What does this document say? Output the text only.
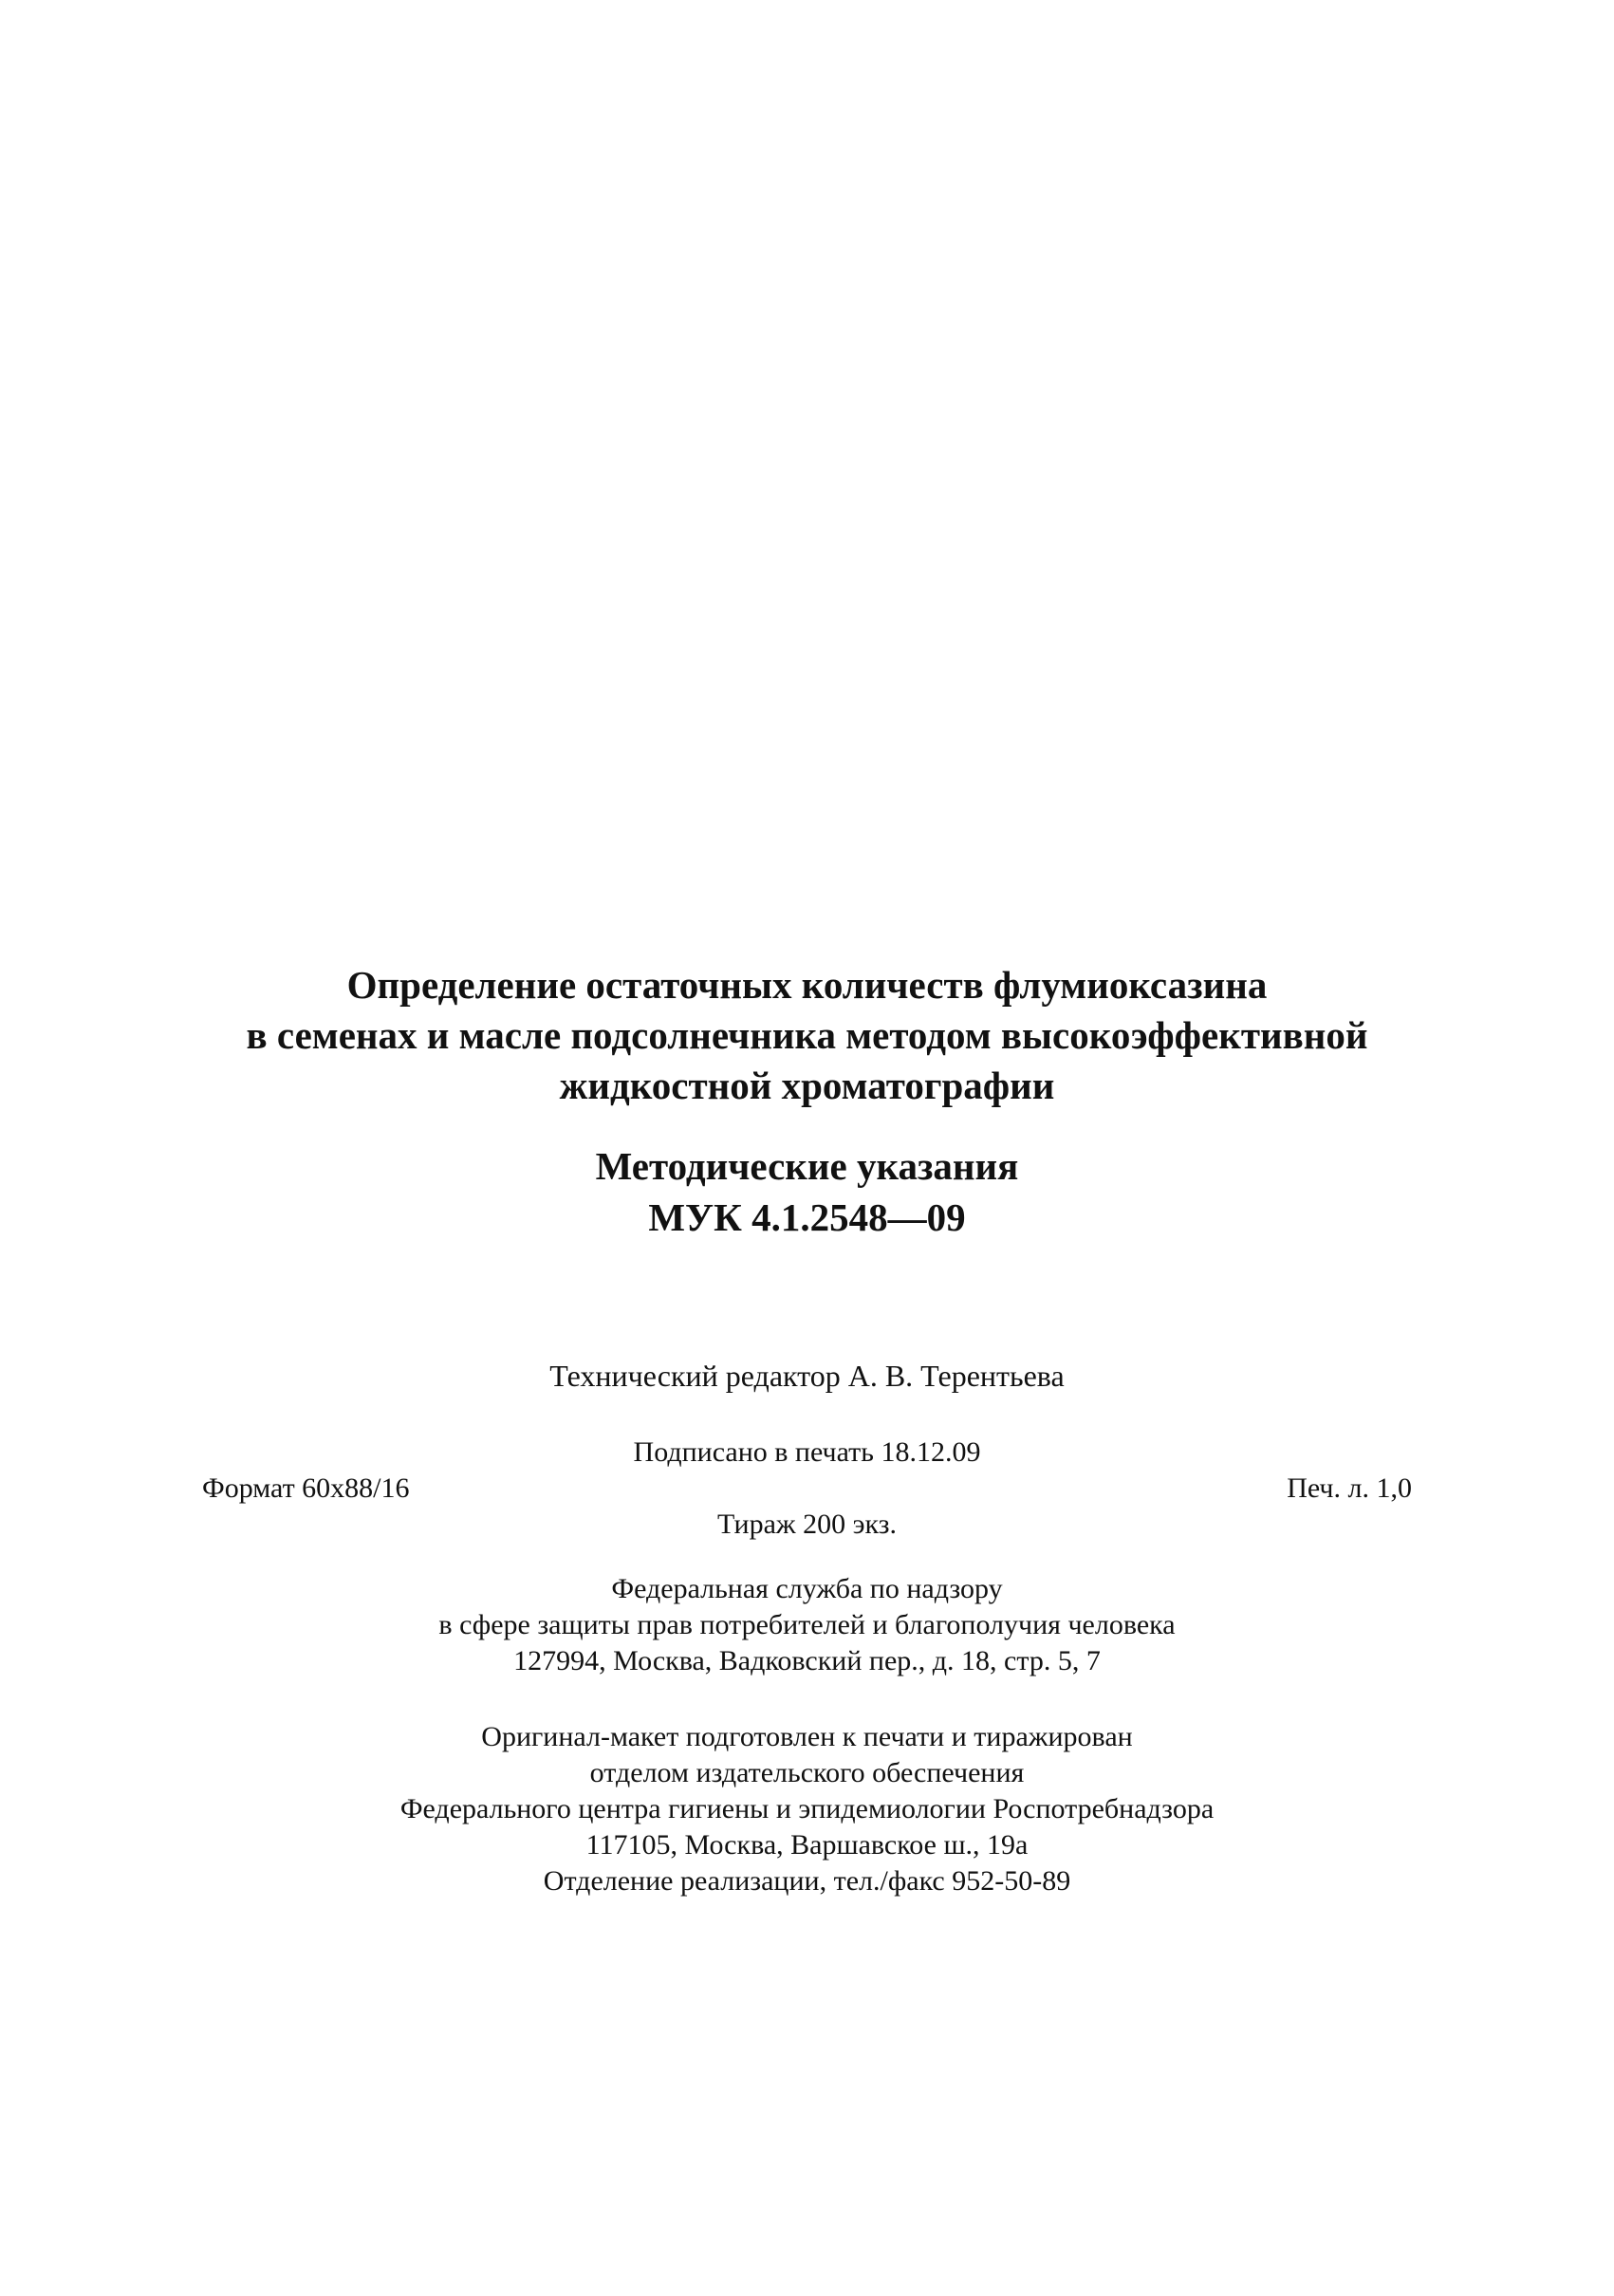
Определение остаточных количеств флумиоксазина
в семенах и масле подсолнечника методом высокоэффективной
жидкостной хроматографии
Методические указания
МУК 4.1.2548—09
Технический редактор А. В. Терентьева
Подписано в печать 18.12.09
Формат 60x88/16	Печ. л. 1,0
Тираж 200 экз.
Федеральная служба по надзору
в сфере защиты прав потребителей и благополучия человека
127994, Москва, Вадковский пер., д. 18, стр. 5, 7
Оригинал-макет подготовлен к печати и тиражирован
отделом издательского обеспечения
Федерального центра гигиены и эпидемиологии Роспотребнадзора
117105, Москва, Варшавское ш., 19а
Отделение реализации, тел./факс 952-50-89
